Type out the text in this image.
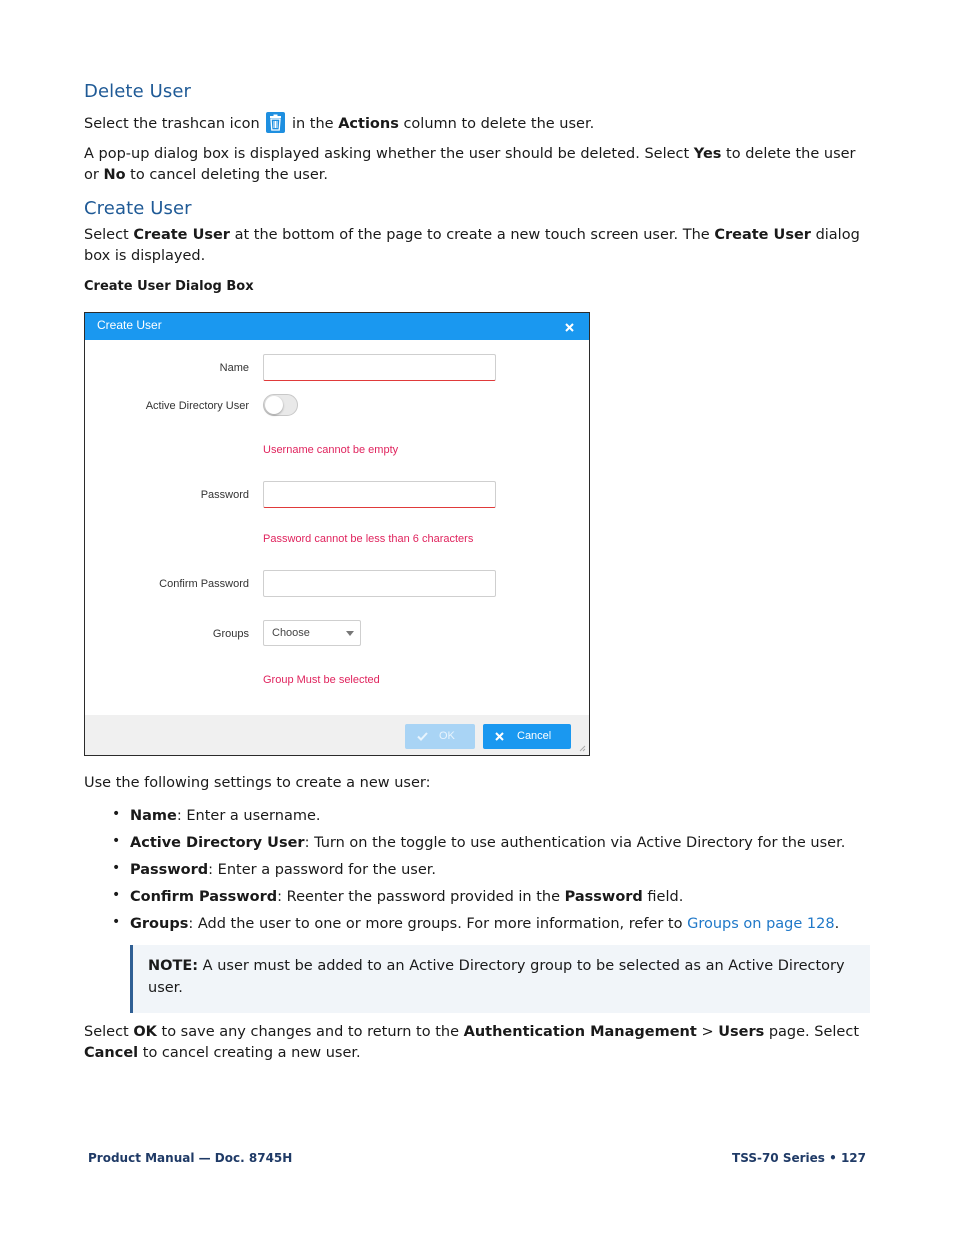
Delete User

Select the trashcan icon in the Actions column to delete the user.

A pop-up dialog box is displayed asking whether the user should be deleted. Select Yes to delete the user or No to cancel deleting the user.

Create User

Select Create User at the bottom of the page to create a new touch screen user. The Create User dialog box is displayed.

Create User Dialog Box

Create User
Name
Active Directory User
Username cannot be empty
Password
Password cannot be less than 6 characters
Confirm Password
Groups Choose
Group Must be selected
OK	Cancel

Use the following settings to create a new user:

• Name: Enter a username.

• Active Directory User: Turn on the toggle to use authentication via Active Directory for the user.

• Password: Enter a password for the user.

• Confirm Password: Reenter the password provided in the Password field.

• Groups: Add the user to one or more groups. For more information, refer to Groups on page 128.

NOTE: A user must be added to an Active Directory group to be selected as an Active Directory user.

Select OK to save any changes and to return to the Authentication Management > Users page. Select Cancel to cancel creating a new user.

Product Manual — Doc. 8745H	TSS-70 Series • 127
